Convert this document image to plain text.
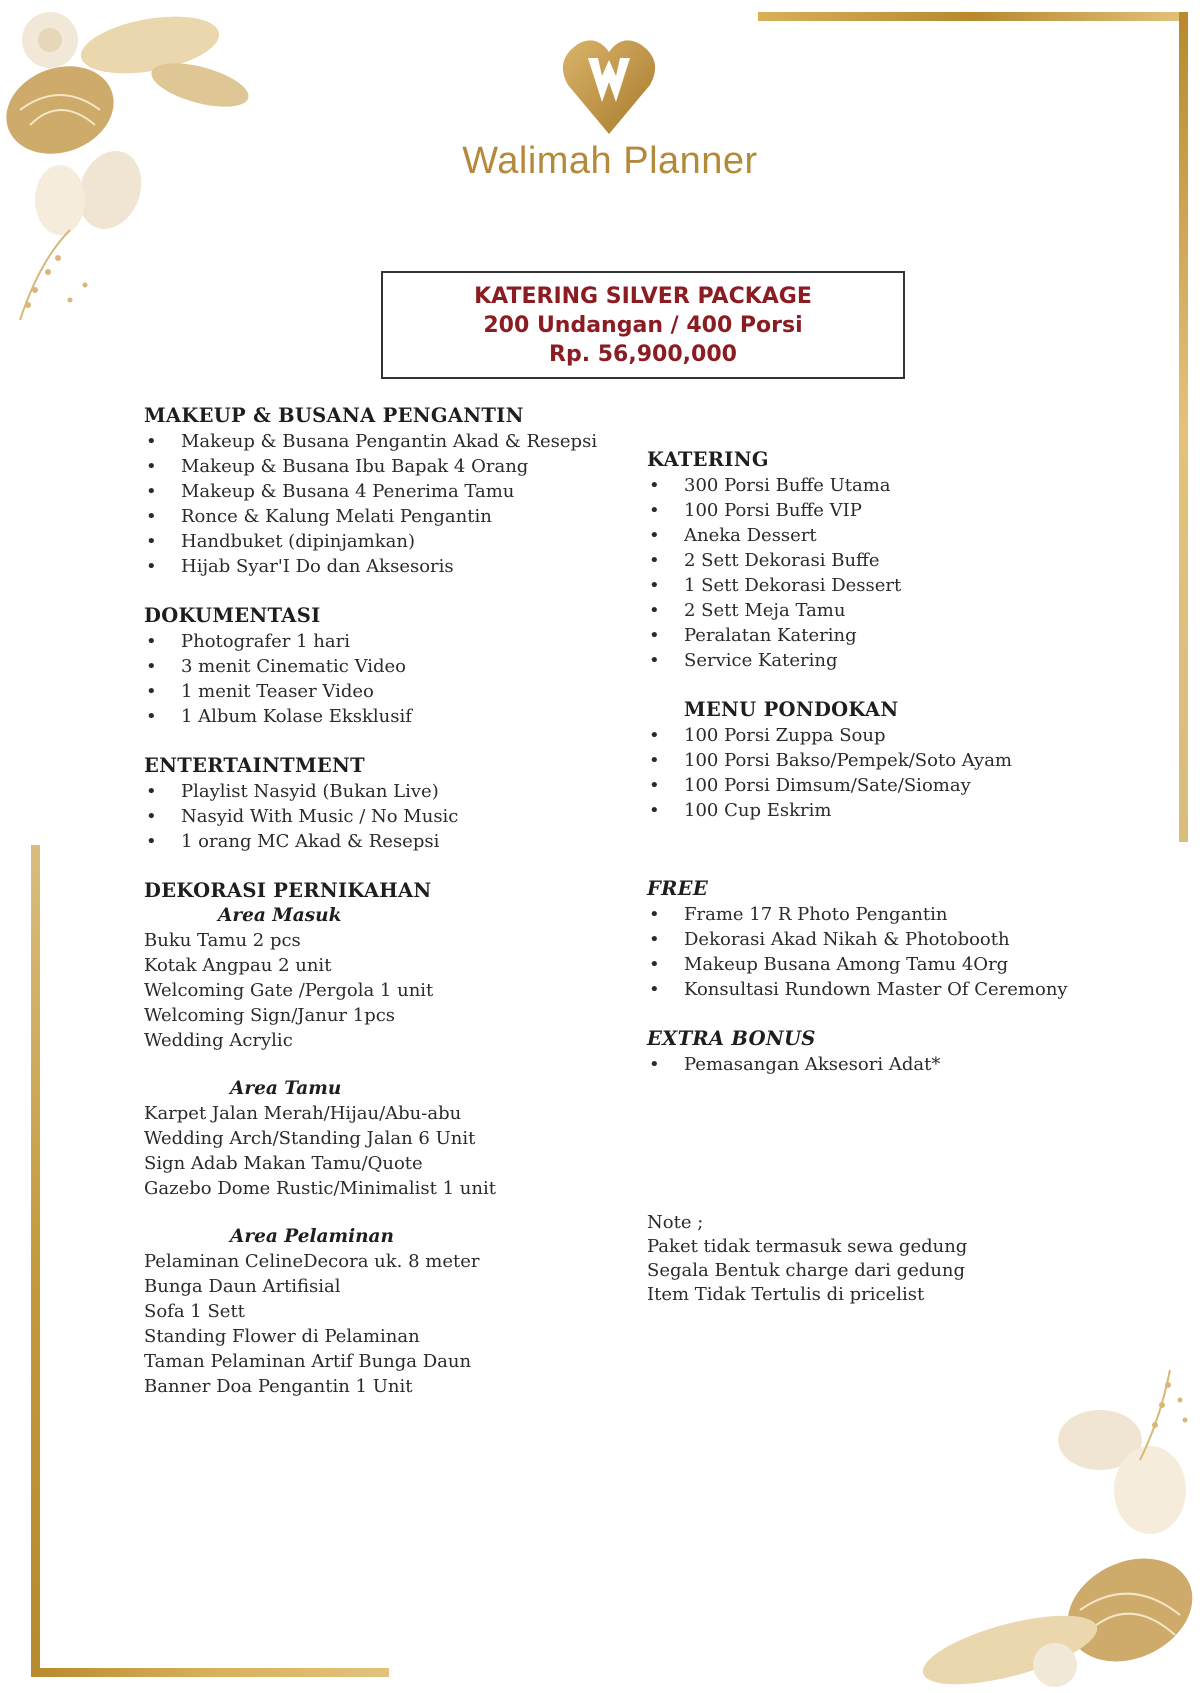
Walimah Planner
KATERING SILVER PACKAGE
200 Undangan / 400 Porsi
Rp. 56,900,000
MAKEUP & BUSANA PENGANTIN
• Makeup & Busana Pengantin Akad & Resepsi
• Makeup & Busana Ibu Bapak 4 Orang
• Makeup & Busana 4 Penerima Tamu
• Ronce & Kalung Melati Pengantin
• Handbuket (dipinjamkan)
• Hijab Syar'I Do dan Aksesoris
DOKUMENTASI
• Photografer 1 hari
• 3 menit Cinematic Video
• 1 menit Teaser Video
• 1 Album Kolase Eksklusif
ENTERTAINTMENT
• Playlist Nasyid (Bukan Live)
• Nasyid With Music / No Music
• 1 orang MC Akad & Resepsi
DEKORASI PERNIKAHAN
Area Masuk
Buku Tamu 2 pcs
Kotak Angpau 2 unit
Welcoming Gate /Pergola 1 unit
Welcoming Sign/Janur 1pcs
Wedding Acrylic
Area Tamu
Karpet Jalan Merah/Hijau/Abu-abu
Wedding Arch/Standing Jalan 6 Unit
Sign Adab Makan Tamu/Quote
Gazebo Dome Rustic/Minimalist 1 unit
Area Pelaminan
Pelaminan CelineDecora uk. 8 meter
Bunga Daun Artifisial
Sofa 1 Sett
Standing Flower di Pelaminan
Taman Pelaminan Artif Bunga Daun
Banner Doa Pengantin 1 Unit
KATERING
• 300 Porsi Buffe Utama
• 100 Porsi Buffe VIP
• Aneka Dessert
• 2 Sett Dekorasi Buffe
• 1 Sett Dekorasi Dessert
• 2 Sett Meja Tamu
• Peralatan Katering
• Service Katering
MENU PONDOKAN
• 100 Porsi Zuppa Soup
• 100 Porsi Bakso/Pempek/Soto Ayam
• 100 Porsi Dimsum/Sate/Siomay
• 100 Cup Eskrim
FREE
• Frame 17 R Photo Pengantin
• Dekorasi Akad Nikah & Photobooth
• Makeup Busana Among Tamu 4Org
• Konsultasi Rundown Master Of Ceremony
EXTRA BONUS
• Pemasangan Aksesori Adat*
Note ;
Paket tidak termasuk sewa gedung
Segala Bentuk charge dari gedung
Item Tidak Tertulis di pricelist
